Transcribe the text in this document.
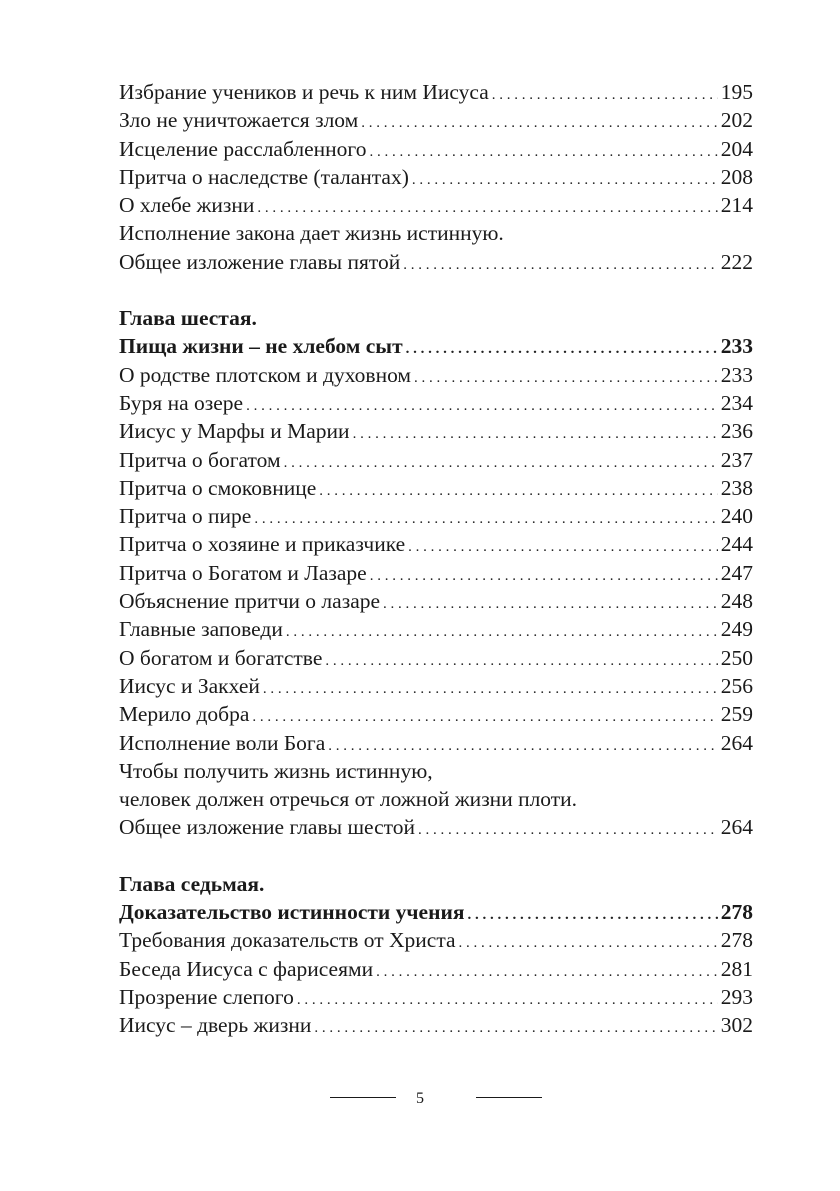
Избрание учеников и речь к ним Иисуса . . .	195
Зло не уничтожается злом . . .	202
Исцеление расслабленного . . .	204
Притча о наследстве (талантах) . . .	208
О хлебе жизни . . .	214
Исполнение закона дает жизнь истинную.
Общее изложение главы пятой . . .	222
Глава шестая.
Пища жизни – не хлебом сыт . . .	233
О родстве плотском и духовном . . .	233
Буря на озере . . .	234
Иисус у Марфы и Марии . . .	236
Притча о богатом . . .	237
Притча о смоковнице . . .	238
Притча о пире . . .	240
Притча о хозяине и приказчике . . .	244
Притча о Богатом и Лазаре . . .	247
Объяснение притчи о лазаре . . .	248
Главные заповеди . . .	249
О богатом и богатстве . . .	250
Иисус и Закхей . . .	256
Мерило добра . . .	259
Исполнение воли Бога . . .	264
Чтобы получить жизнь истинную,
человек должен отречься от ложной жизни плоти.
Общее изложение главы шестой . . .	264
Глава седьмая.
Доказательство истинности учения . . .	278
Требования доказательств от Христа . . .	278
Беседа Иисуса с фарисеями . . .	281
Прозрение слепого . . .	293
Иисус – дверь жизни . . .	302
5
